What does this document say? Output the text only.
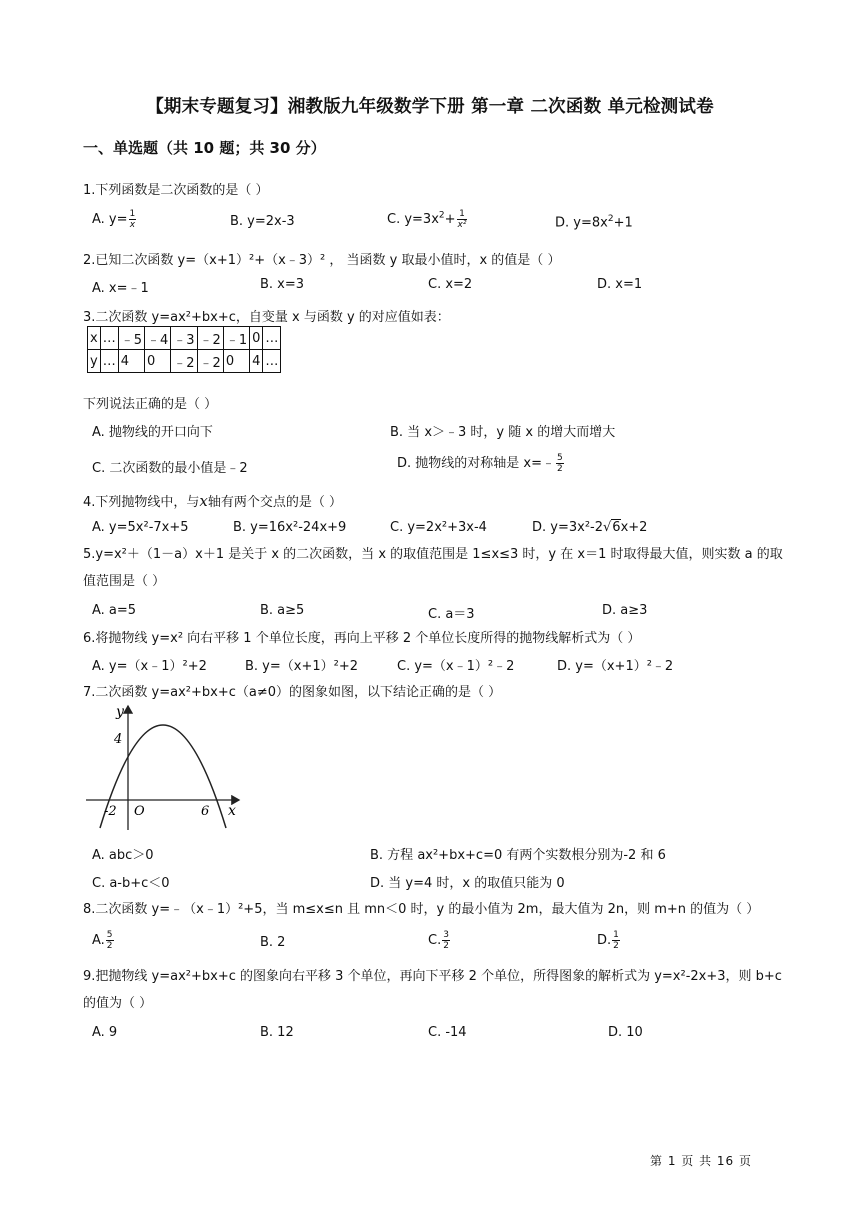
【期末专题复习】湘教版九年级数学下册 第一章 二次函数 单元检测试卷
一、单选题（共 10 题；共 30 分）
1.下列函数是二次函数的是（ ）
A. $y= \frac{1}{x}$	B. y=2x-3	C. $y=3x^2+ \frac{1}{\text{x²}}$	D. $y=8x^2+1$
2.已知二次函数 y=（x+1）²+（x﹣3）² ， 当函数 y 取最小值时，x 的值是（ ）
A. x=﹣1	B. x=3	C. x=2	D. x=1
3.二次函数 y=ax²+bx+c，自变量 x 与函数 y 的对应值如表：
x	…	﹣5	﹣4	﹣3	﹣2	﹣1	0	…
y	…	4	0	﹣2	﹣2	0	4	…
下列说法正确的是（ ）
A. 抛物线的开口向下	B. 当 x＞﹣3 时，y 随 x 的增大而增大
C. 二次函数的最小值是﹣2	D. 抛物线的对称轴是 x=﹣ $\frac{5}{2}$
4.下列抛物线中，与x轴有两个交点的是（ ）
A. y=5x²-7x+5	B. y=16x²-24x+9	C. y=2x²+3x-4	D. y=3x²-2√6x+2
5.y=x²＋（1－a）x＋1 是关于 x 的二次函数，当 x 的取值范围是 1≤x≤3 时，y 在 x＝1 时取得最大值，则实数 a 的取值范围是（ ）
A. a=5	B. a≥5	C. a＝3	D. a≥3
6.将抛物线 y=x² 向右平移 1 个单位长度，再向上平移 2 个单位长度所得的抛物线解析式为（ ）
A. y=（x﹣1）²+2	B. y=（x+1）²+2	C. y=（x﹣1）²﹣2	D. y=（x+1）²﹣2
7.二次函数 y=ax²+bx+c（a≠0）的图象如图，以下结论正确的是（ ）
y
x
4
-2 O	6
A. abc＞0	B. 方程 ax²+bx+c=0 有两个实数根分别为-2 和 6
C. a-b+c＜0	D. 当 y=4 时，x 的取值只能为 0
8.二次函数 y=﹣（x﹣1）²+5，当 m≤x≤n 且 mn＜0 时，y 的最小值为 2m，最大值为 2n，则 m+n 的值为（ ）
A. $\frac{5}{2}$	B. 2	C. $\frac{3}{2}$	D. $\frac{1}{2}$
9.把抛物线 y=ax²+bx+c 的图象向右平移 3 个单位，再向下平移 2 个单位，所得图象的解析式为 y=x²-2x+3，则 b+c 的值为（ ）
A. 9	B. 12	C. -14	D. 10
第 1 页 共 16 页
